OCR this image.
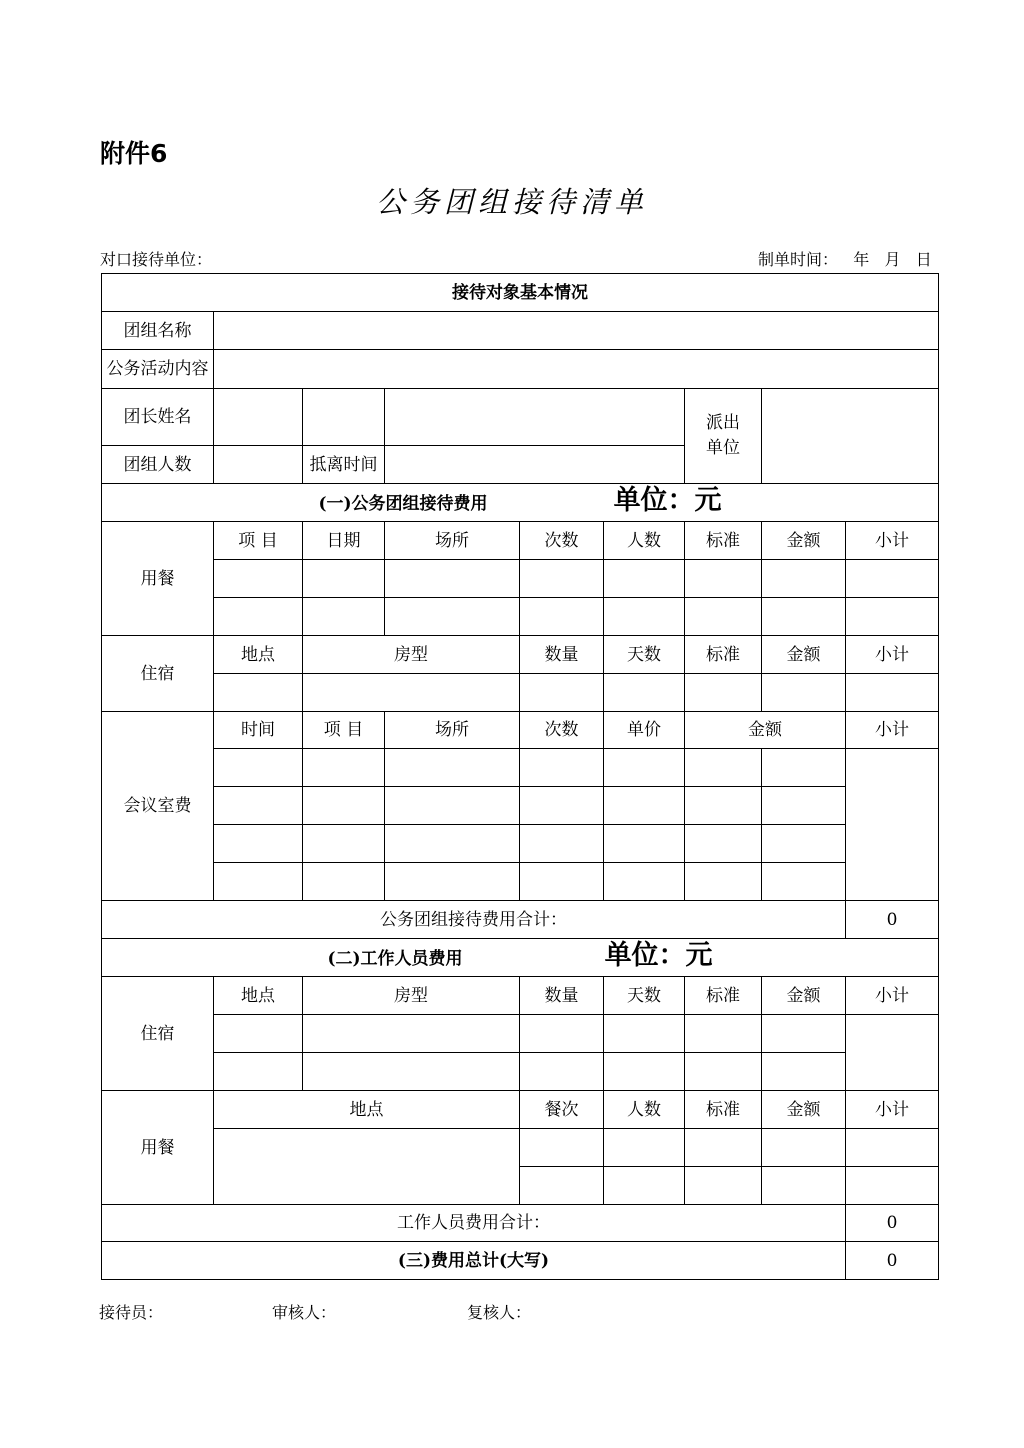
附件6
公务团组接待清单
对口接待单位：	制单时间：   年   月   日
接待对象基本情况								
团组名称								
公务活动内容								
团长姓名						派出单位		

团组人数		抵离时间						
(一)公务团组接待费用 单位：元								
用餐	项 目	日期	场所	次数	人数	标准	金额	小计

住宿	地点	房型		数量	天数	标准	金额	小计

会议室费	时间	项 目	场所	次数	单价	金额		小计

公务团组接待费用合计：								0
(二)工作人员费用 单位：元								
住宿	地点	房型		数量	天数	标准	金额	小计

用餐	地点			餐次	人数	标准	金额	小计

工作人员费用合计：								0
(三)费用总计(大写)								0
接待员：	审核人：	复核人：
